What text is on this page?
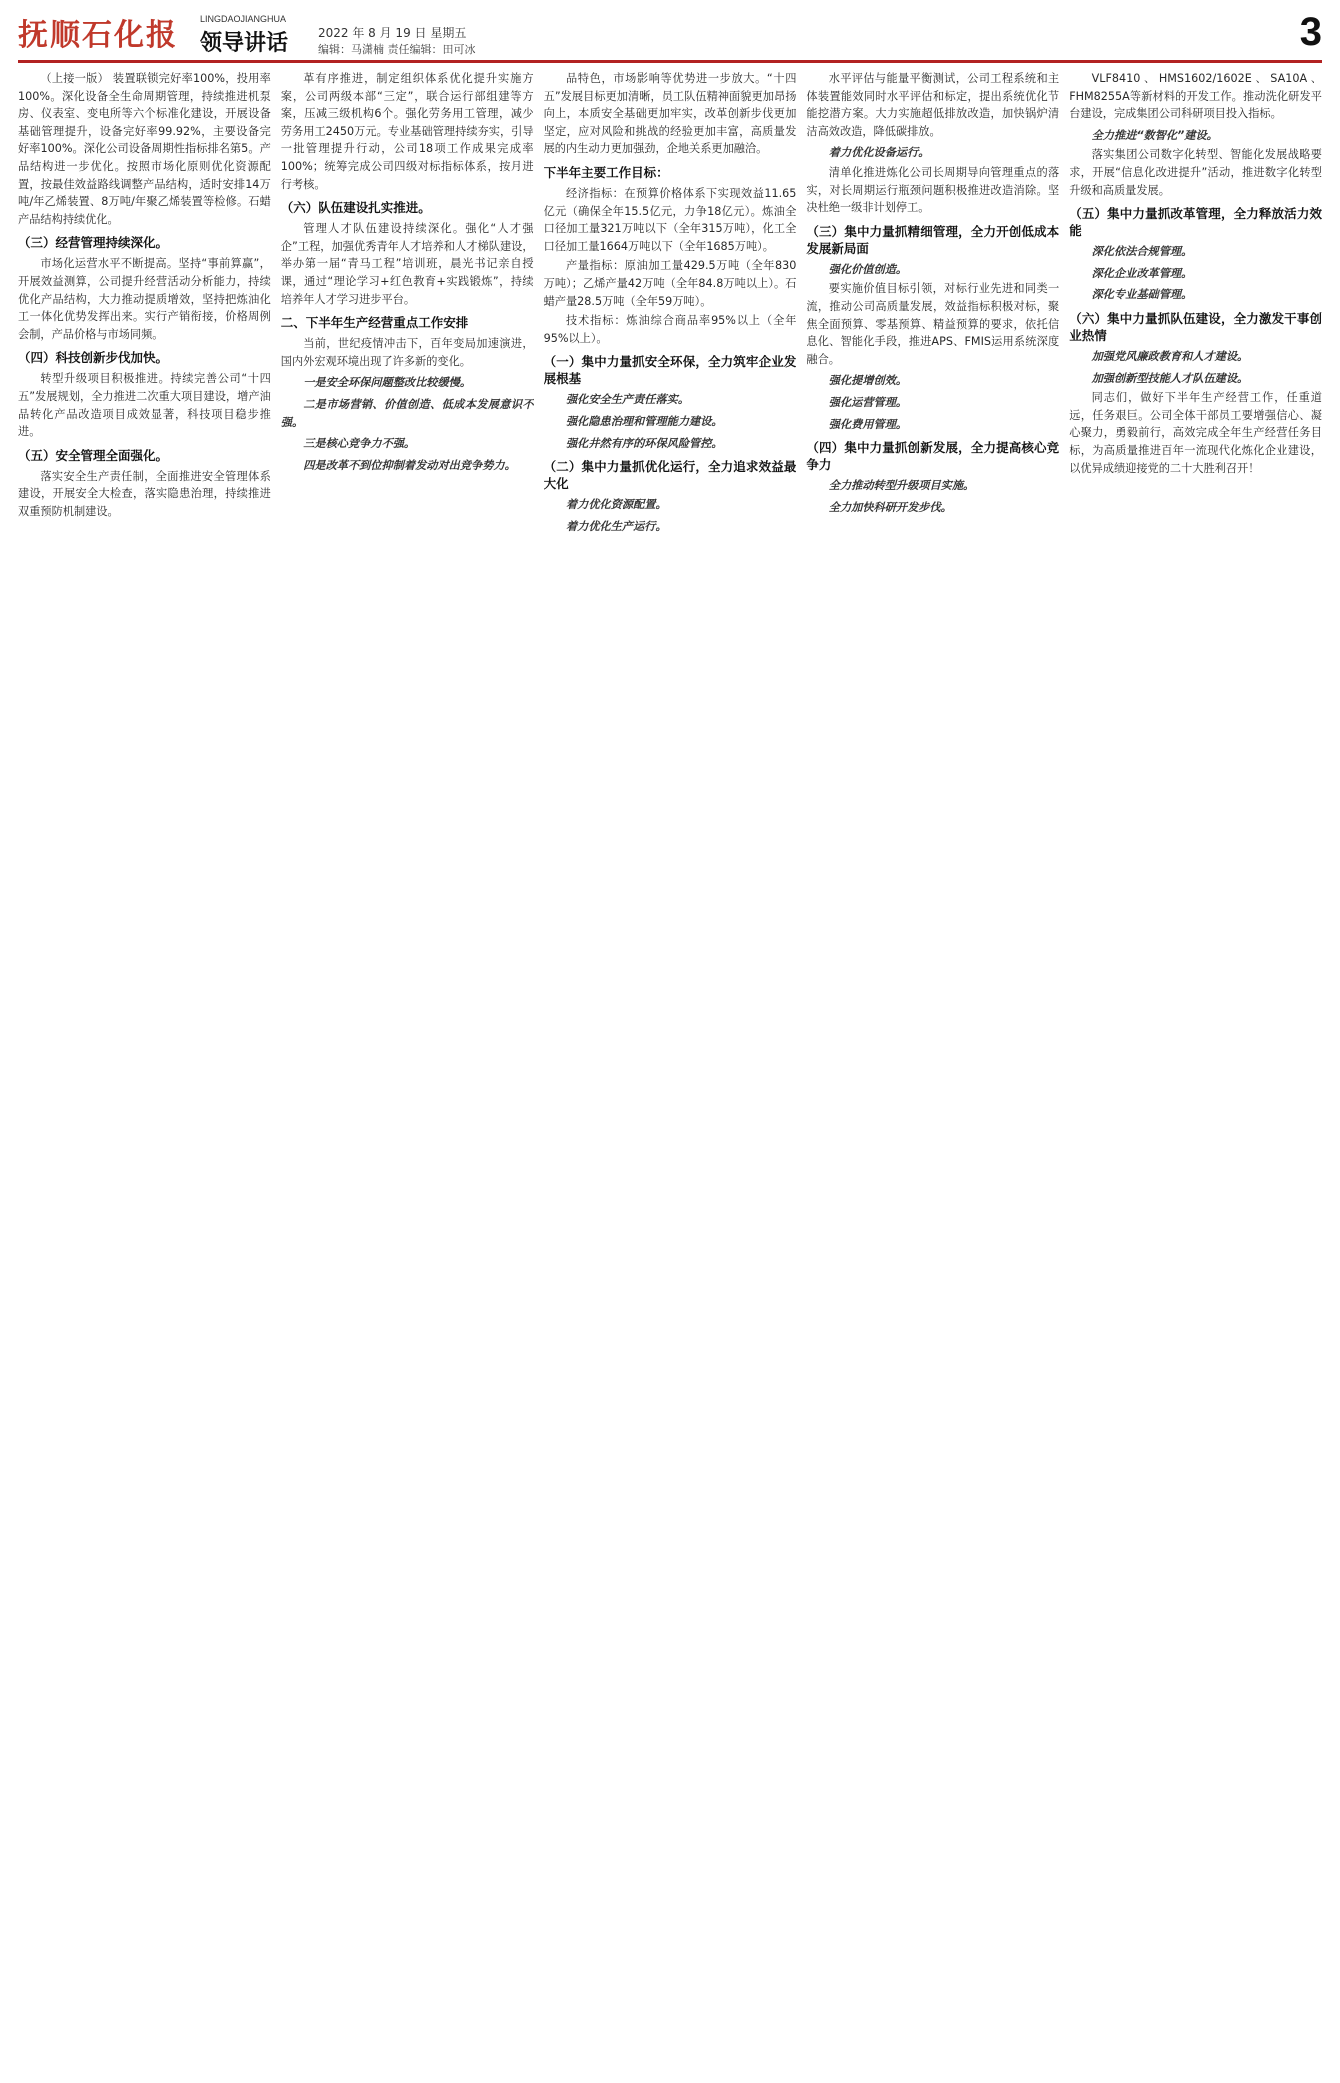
抚顺石化报 LINGDAOJIANGHUA
领导讲话 2022 年 8 月 19 日 星期五
编辑：马潇楠 责任编辑：田可冰	3

（上接一版） 装置联锁完好率100%，投用率100%。深化设备全生命周期管理，持续推进机泵房、仪表室、变电所等六个标准化建设，开展设备基础管理提升，设备完好率99.92%，主要设备完好率100%。深化公司设备周期性指标排名第5。产品结构进一步优化。按照市场化原则优化资源配置，按最佳效益路线调整产品结构，适时安排14万吨/年乙烯装置、8万吨/年聚乙烯装置等检修。石蜡产品结构持续优化。

（三）经营管理持续深化。

市场化运营水平不断提高。坚持“事前算赢”，开展效益测算，公司提升经营活动分析能力，持续优化产品结构，大力推动提质增效，坚持把炼油化工一体化优势发挥出来。实行产销衔接，价格周例会制，产品价格与市场同频。

（四）科技创新步伐加快。

转型升级项目积极推进。持续完善公司“十四五”发展规划，全力推进二次重大项目建设，增产油品转化产品改造项目成效显著，科技项目稳步推进。

（五）安全管理全面强化。

落实安全生产责任制，全面推进安全管理体系建设，开展安全大检查，落实隐患治理，持续推进双重预防机制建设。

革有序推进，制定组织体系优化提升实施方案，公司两级本部“三定”，联合运行部组建等方案，压减三级机构6个。强化劳务用工管理，减少劳务用工2450万元。专业基础管理持续夯实，引导一批管理提升行动，公司18项工作成果完成率100%；统筹完成公司四级对标指标体系，按月进行考核。

（六）队伍建设扎实推进。

管理人才队伍建设持续深化。强化“人才强企”工程，加强优秀青年人才培养和人才梯队建设，举办第一届“青马工程”培训班，晨光书记亲自授课，通过“理论学习+红色教育+实践锻炼”，持续培养年人才学习进步平台。

二、下半年生产经营重点工作安排

当前，世纪疫情冲击下，百年变局加速演进，国内外宏观环境出现了许多新的变化。

一是安全环保问题整改比较缓慢。
二是市场营销、价值创造、低成本发展意识不强。
三是核心竞争力不强。
四是改革不到位抑制着发动对出竞争势力。

品特色，市场影响等优势进一步放大。“十四五”发展目标更加清晰，员工队伍精神面貌更加昂扬向上，本质安全基础更加牢实，改革创新步伐更加坚定，应对风险和挑战的经验更加丰富，高质量发展的内生动力更加强劲，企地关系更加融洽。

下半年主要工作目标：

经济指标：在预算价格体系下实现效益11.65亿元（确保全年15.5亿元，力争18亿元）。炼油全口径加工量321万吨以下（全年315万吨），化工全口径加工量1664万吨以下（全年1685万吨）。

产量指标：原油加工量429.5万吨（全年830万吨）；乙烯产量42万吨（全年84.8万吨以上）。石蜡产量28.5万吨（全年59万吨）。

技术指标：炼油综合商品率95%以上（全年95%以上）。

（一）集中力量抓安全环保，全力筑牢企业发展根基
强化安全生产责任落实。
强化隐患治理和管理能力建设。
强化井然有序的环保风险管控。
（二）集中力量抓优化运行，全力追求效益最大化
着力优化资源配置。
着力优化生产运行。

水平评估与能量平衡测试，公司工程系统和主体装置能效同时水平评估和标定，提出系统优化节能挖潜方案。大力实施超低排放改造，加快锅炉清洁高效改造，降低碳排放。

着力优化设备运行。

清单化推进炼化公司长周期导向管理重点的落实，对长周期运行瓶颈问题积极推进改造消除。坚决杜绝一级非计划停工。

（三）集中力量抓精细管理，全力开创低成本发展新局面
强化价值创造。

要实施价值目标引领，对标行业先进和同类一流，推动公司高质量发展，效益指标积极对标，聚焦全面预算、零基预算、精益预算的要求，依托信息化、智能化手段，推进APS、FMIS运用系统深度融合。

强化提增创效。
强化运营管理。
强化费用管理。
（四）集中力量抓创新发展，全力提高核心竞争力
全力推动转型升级项目实施。
全力加快科研开发步伐。

VLF8410、HMS1602/1602E、SA10A、FHM8255A等新材料的开发工作。推动洗化研发平台建设，完成集团公司科研项目投入指标。

全力推进“数智化”建设。

落实集团公司数字化转型、智能化发展战略要求，开展“信息化改进提升”活动，推进数字化转型升级和高质量发展。

（五）集中力量抓改革管理，全力释放活力效能
深化依法合规管理。
深化企业改革管理。
深化专业基础管理。
（六）集中力量抓队伍建设，全力激发干事创业热情
加强党风廉政教育和人才建设。
加强创新型技能人才队伍建设。

同志们，做好下半年生产经营工作，任重道远，任务艰巨。公司全体干部员工要增强信心、凝心聚力，勇毅前行，高效完成全年生产经营任务目标，为高质量推进百年一流现代化炼化企业建设，以优异成绩迎接党的二十大胜利召开！
